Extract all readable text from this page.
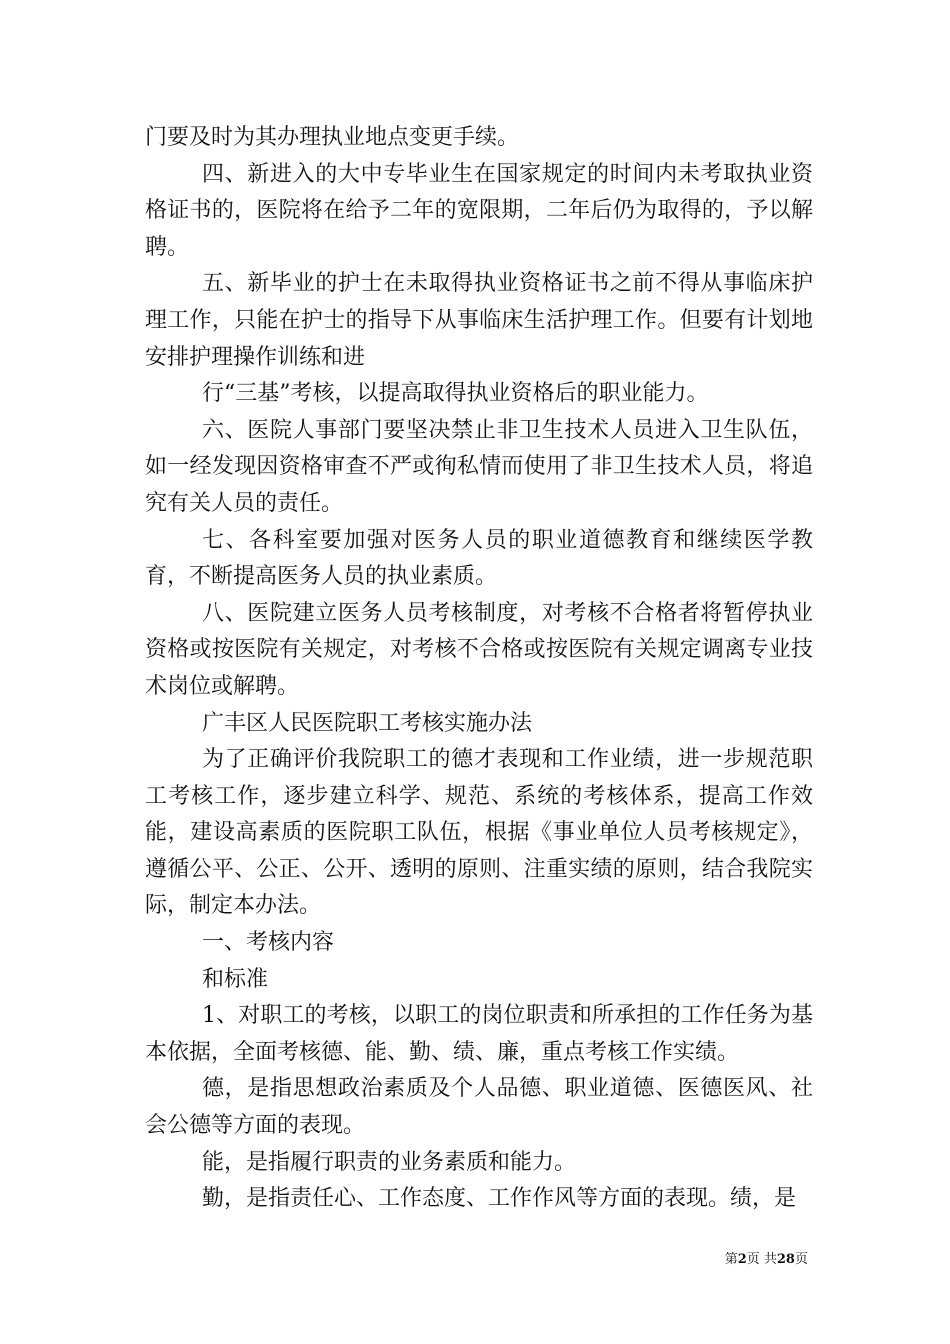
门要及时为其办理执业地点变更手续。

四、新进入的大中专毕业生在国家规定的时间内未考取执业资格证书的，医院将在给予二年的宽限期，二年后仍为取得的，予以解聘。

五、新毕业的护士在未取得执业资格证书之前不得从事临床护理工作，只能在护士的指导下从事临床生活护理工作。但要有计划地安排护理操作训练和进

行“三基”考核，以提高取得执业资格后的职业能力。

六、医院人事部门要坚决禁止非卫生技术人员进入卫生队伍，如一经发现因资格审查不严或徇私情而使用了非卫生技术人员，将追究有关人员的责任。

七、各科室要加强对医务人员的职业道德教育和继续医学教育，不断提高医务人员的执业素质。

八、医院建立医务人员考核制度，对考核不合格者将暂停执业资格或按医院有关规定，对考核不合格或按医院有关规定调离专业技术岗位或解聘。

广丰区人民医院职工考核实施办法

为了正确评价我院职工的德才表现和工作业绩，进一步规范职工考核工作，逐步建立科学、规范、系统的考核体系，提高工作效能，建设高素质的医院职工队伍，根据《事业单位人员考核规定》，遵循公平、公正、公开、透明的原则、注重实绩的原则，结合我院实际，制定本办法。

一、考核内容

和标准

1、对职工的考核，以职工的岗位职责和所承担的工作任务为基本依据，全面考核德、能、勤、绩、廉，重点考核工作实绩。

德，是指思想政治素质及个人品德、职业道德、医德医风、社会公德等方面的表现。

能，是指履行职责的业务素质和能力。

勤，是指责任心、工作态度、工作作风等方面的表现。绩，是

第2页 共28页
